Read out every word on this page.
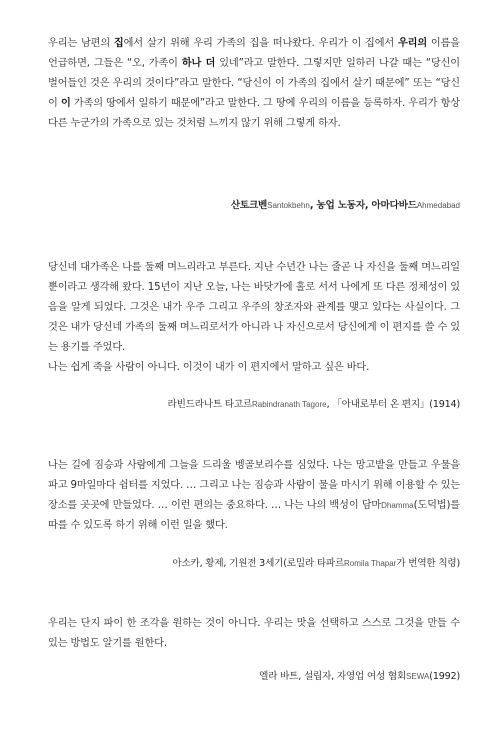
우리는 남편의 집에서 살기 위해 우리 가족의 집을 떠나왔다. 우리가 이 집에서 우리의 이름을 언급하면, 그들은 “오, 가족이 하나 더 있네”라고 말한다. 그렇지만 일하러 나갈 때는 “당신이 벌어들인 것은 우리의 것이다”라고 말한다. “당신이 이 가족의 집에서 살기 때문에” 또는 “당신이 이 가족의 땅에서 일하기 때문에”라고 말한다. 그 땅에 우리의 이름을 등록하자. 우리가 항상 다른 누군가의 가족으로 있는 것처럼 느끼지 않기 위해 그렇게 하자.

산토크벤Santokbehn, 농업 노동자, 아마다바드Ahmedabad

당신네 대가족은 나를 둘째 며느리라고 부른다. 지난 수년간 나는 줄곧 나 자신을 둘째 며느리일 뿐이라고 생각해 왔다. 15년이 지난 오늘, 나는 바닷가에 홀로 서서 나에게 또 다른 정체성이 있음을 알게 되었다. 그것은 내가 우주 그리고 우주의 창조자와 관계를 맺고 있다는 사실이다. 그것은 내가 당신네 가족의 둘째 며느리로서가 아니라 나 자신으로서 당신에게 이 편지를 쓸 수 있는 용기를 주었다.

나는 쉽게 죽을 사람이 아니다. 이것이 내가 이 편지에서 말하고 싶은 바다.

라빈드라나트 타고르Rabindranath Tagore, 「아내로부터 온 편지」(1914)

나는 길에 짐승과 사람에게 그늘을 드리울 벵골보리수를 심었다. 나는 망고밭을 만들고 우물을 파고 9마일마다 쉼터를 지었다. … 그리고 나는 짐승과 사람이 물을 마시기 위해 이용할 수 있는 장소를 곳곳에 만들었다. … 이런 편의는 중요하다. … 나는 나의 백성이 담마Dhamma(도덕법)를 따를 수 있도록 하기 위해 이런 일을 했다.

아소카, 황제, 기원전 3세기(로밀라 타파르Romila Thapar가 번역한 칙령)

우리는 단지 파이 한 조각을 원하는 것이 아니다. 우리는 맛을 선택하고 스스로 그것을 만들 수 있는 방법도 알기를 원한다.

엘라 바트, 설립자, 자영업 여성 협회SEWA(1992)
